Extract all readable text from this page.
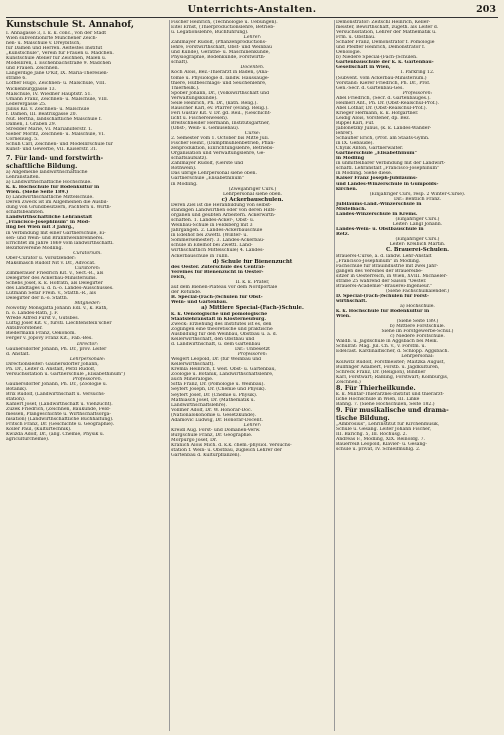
Unterrichts-Anstalten.	203
Kunstschule St. Annahof,
I. Annagasse 3, I. k. k. conc., von der Stadt
Wien subventionirte Münchener Zeich-
nen- u. Malschule v. Dreybitsch,
für Damen und Herren. Aeltestes Institut
„Kunstschule", Verein für Frauen u. Mädchen.
Kunstschule Atelier für Zeichnen, Malen u.
Modelliren, I. Eschenbachstraße 9. Mädchen
und Frauen. Zeichnen.
Langerdige Jane O'Kif, IX. Maria-Theresien-
straße 6.
Löffler Hugo, Zeichnen- u. Malschule, VIII.
Wickenburggasse 13.
Malschule, IV. Wiedner Hauptstr. 51.
Umann Franz, Zeichnen- u. Malschule, VIII.
Lederergasse 25.
Julius Kil. v. Zeichnen- u. Malschule
f. Damen, III. Beatrixgasse 20.
Nut. Bertha, landschaftliche Malschule f.
Damen, I. Graben 29.
Stredder Marie, VI. Mariahilferstr. 1.
Sieber Moritz, Zeichnen- u. Malschule, VI.
Corneliusg. 5.
Schuh Carl, Zeichnen- und Modellirschule für
Kunst- und Gewerbe, VII. Kaiserstr. 31.
7. Für land- und forstwirth-
schaftliche Bildung.
a) Allgemeine landwirthschaftliche
Lehranstalten.
a) Landwirthschaftliche Hochschule.
k. k. Hochschule für Bodenkultur in
Wien. (Siehe Seite 189.)
b) Landwirthschaftliche Mittelschule.
Deren Zweck ist im Allgemeinen die Ausbil-
dung von Grundbesitzern, Pächtern u. Wirth-
schaftsbeamten.
Landwirthschaftliche Lehranstalt
„Francisco-Josephinum" in Möd-
ling bei Wien mit 3 Jahrg.,
in Verbindung mit einer Gärtnerschule, Ei-
sen- und Wein- und Branntweinbrennerei.
Errichtet im Jahre 1869 vom landwirthschaftl.
Bezirksvereine Mödling.
Curatorium.
Ober-Curator u. Vorsitzender:
Maksmasch Rudolf Nit v. Dr., Advocat.
Curatoren:
Zimmerauer Friedrich Kit. v., Sect.-R., als
Delegirter des Ackerbau-Ministeriums.
Schebs Josef, k. k. Hofrath, als Delegirter
des Landtages u. d. n.-ö. Landes-Ausschusses.
Lutmann Sefar Freih. v., Statth.-R., als
Delegirter der n.-ö. Statth.
Mitglieder:
Nowotny Monsgatta Johann Edl. v., k. Rath,
n. ö. Landes-Rath, J. F.
Wrede Alfred Fürst v., Gutsbes.
Luftig Josef Kit. v., fürstl. Liechtenstein'scher
Antsbvorsteher.
Biedermann Franz, Oekonom.
Ferger v. Jopovy Franz Kit., Fab.-Bes.
Director:
Gaunersdorfer Johann, Ph. Dr., prov. Leiter
d. Anstalt.
Lehrpersonale:
Directionsleiter: Gaunersdorfer Johann,
Ph. Dr., Leiter d. Anstalt, Perzl Rudolf,
Versuchsstation u. Gärtnerschule „Elisabethinum")
Professoren.
Gaunersdorfer Johann, Ph. Dr., (Zoologie u.
Botanik).
Brix Rudolf, (Landwirthschaft u. Versuchs-
station).
Kahlert Josef, (Landwirthschaft u. Viehzucht).
Zuzek Friedrich, (Zeichnen, Baukunde, Feld-
messen, Plangeschichte u. Wirthschaftsorga-
nisation) (Landwirthschaftliche Buchhaltung).
Fritsch Franz, Dr. (Geschichte u. Geographie).
Koller Paul, (Kulturtechnik).
Kwizda Adolf, Dr., (allg. Chemie, Physik u.
agriculturchemie).
Fischer Heinrich, (Technologie u. Uebungen).
Eitel Ernst, (Thierproductionslehre, Betrieb-
u. Legationslehre, Buchführung).
Lehrer:
Zahlmayer Rudolf, (Pflanzenproductions-
lehre, Forstwirthschaft, Obst- und Weinbau
und Kunde), Geräthe- u. Maschinenkunde,
Physiographie, Bodenkunde, Forstwirth-
schaft).
Docenten.
Koch Alois, Bez.-Thierarzt in Baden, (Ana-
tomie u. Physiologie d. landw. Haussäuge-
thiere, Hufbeschlags- und Seuchenlehre,
Thierheilk.).
Spöber Johann, Dr., (Volkswirthschaft und
Verwaltungskunde).
Seile Heinrich, Ph. Dr., (kath. Relig.).
Rauscher Karl, ev. Pfarrer (evang. Relig.).
Feri Gustav Kit. v. Dr. gd. Reil., (Geschicht-
licht u. Fischereiwesen).
Breitschneider Hermann, Institutsgärtner,
(Obst-, Wein- u. Gemüsebau).
Curse:
2. Semester vom 1. October bis Mitte Juli.
Fischer Heinr., (Dampfmühlenbetrieb, Pflan-
zenproduktion, Einrichtungslehre, Betriebs-
Organisation und Verwaltungslehre, Ge-
schäftsaufsatz).
Zahlmayer Rudolf, (Gerste und
Rothwein).
Das übrige Lehrpersonal siehe oben.
Gärtnerschule „Elisabethinum"
in Mödling.
(Zweijähriger Curs.)
Lehrpersonal siehe oben.
c) Ackerbauschulen.
Deren Ziel ist die Heranbildung von selbst-
ständigen Landwirthen oder von deren Hilfs-
organen und geübten Arbeitern. Ackerwirth-
schaften. 1. Landes-Acker-, Obst- u.
Weinbau-Schule in Feldsberg mit 3
Jahrgängen. 2. Landes-Ackerbauschule
in Edelhof bei Zwettl. (Winter- u.
Sommersemester). 3. Landes-Ackerbau-
schule in Edelhof bei Zwettl. Land-
wirthschaftlich Mittelschule) 4. Landes-
Ackerbauschule in Tulln.
d) Schule für Bienenzucht
des Oester. Zuterschule des Central-
Vereines für Bienenzucht in Oester-
reich,
II. k. k. Prater,
auf dem Bienen-Plateau vor dem Nordportale
der Rotunde.
B. Special-(Fach-)Schulen für Obst-
Wein- und Gartenbau.
a) Mittlere Special-(Fach-)Schule.
k. k. Oenologische und pomologische
Staatslehranstalt in Klosterneuburg.
Zweck: Erziehung des Institutes ist es, den
Zöglingen eine theoretische und praktische
Ausbildung für den Weinbau, Obstbau u. a. d.
Kellerwirthschaft, den Obstbau und
d. Landwirthschaft, u. dem Gartenbau
Dir.: Unbesetzt
Professoren:
Weigert Leopold, Dr. (für Weinbau und
Kellerwirthschaft).
Kremla Heinrich, f. weit. Obst- u. Gartenbau,
Zoologie u. Botanik, Landwirthschaftslehre,
auch Mineralogie.
Sitta Franz, Dr. (Pomologie u. Weinbau).
Seyfert Joseph, Dr. (Chemie und Physik).
Seyfert Josef, Dr. (Chemie u. Physik).
Mathiasch Josef, Dr. (Mathematik u.
Landwirthschaftslehre).
Vollmer Adolf, Dr. W. Honorar-Doc.
(Nationalökonomie u. Gesetzkunde).
Adamovic Ludwig, Dr. Honorar-Docent.
Lehrer:
Kreidl Aug. Forst- und Domänen-Verw.
Bürgschule Franz, Dr. Geographie.
Morpurgo Josef, Dr.
Kranich Alois Mich. d. k.k. chem.-physiol. Versuchs-
station f. Wein- u. Obstbau, zugleich Lehrer der
Gartenbau d. Kulturpflanzen).
Demonstrator: Zeitschl Heinrich, Keller-
meister, Bewirthschaft, zugeth. als Leiter d.
Versuchsstation, Lehrer der Mathematik u.
Frm. u. Obstbau.
Schäfer Franz, Demonstrator f. Pomologie
und Pfeiffer Heinrich, Demonstrator f.
Oenologie.
b) Niedere Special-(Fach-)Schulen.
Gartenbauschule der k. k. Gartenbau-
Gesellschaft in Wien,
I. Parkring 12.
(Subvent. vom Ackerbau-Ministerium.)
Vorstand: Kierer Friedrich, Ph. Dr., Prof.
Gen.-Secr. d. Gartenbau-Ges.
Professoren:
Abel Friedrich, (Secr. d. Gartenbauges.).
Heimerl Ant., Ph. Dr. (Obst-Realschul-Prof.).
Abel Lothar, Dr. (Obst-Realschul-Prof.).
Krieger Hermann, k. k. Hofgartner.
Leidig Alois, Vorsteher, dp. Bez.
Rippel Karl, Fuf.
Jablonetzky Julius, (k. k. Landes-Wander-
lehrer).
Schaufler Erich, (Prof. am Staats-Gymn.
in IX. Gebäude).
Chylik Anton, Gärtnerwalter.
Gärtnerschule „Elisabethinum"
in Mödling
in unmittelbarer Verbindung mit der Landwirt-
schaftl. Lehranstalt „Francisco-Josephinum"
in Mödling. Siehe diese.
Kaiser Franz Joseph-Jubiläums-
und Landes-Winzerschule in Gumpolds-
kirchen.
(Einjähriger Curs, resp. 2 Winter-Curse).
Dir.: Bentlich Franz.
Jubiläums-Land.-Winzerschule in
Mistelbach.
Landes-Winzerschule in Krems.
(Einjähriger Curs.)
Leiter: Langl Johann.
Landes-Wein- u. Obstbauschule in
Retz.
(Einjähriger Curs.)
Leiter: Kreibich Martin.
C. Brauerei-Schulen.
Brauerei-Curse, a. d. landw. Lehr-Anstalt
„Francisco-Josephinum" in Mödling.
Fachschule für Brauindustrie mit zwei Jahr-
gängen des Vereines der Brauereibe-
sitzer in Oesterreich, in Wien, XVIII. Michaeler-
straße 25 während der Saison "Oester.
Brauerei-Academie"-Brauerei-Ingenieur."
(Siehe Fachschulkalender.)
D. Special-(Fach-)Schulen für Forst-
wirthschaft.
a) Hochschule.
k. k. Hochschule für Bodenkultur in
Wien.
(Siehe Seite 189.)
b) Mittlere Forstschule.
Siehe im Forstgewerbe-Schul.)
c) Niedere Forstschule.
Waldb. u. Jagdschule in Aggsbach bei Melk.
Schulrat: Mag. Jul. Ch. v., v. Forstm. u.
Edelcast. Kardinalfischer, d. Schlopp. Aggsbach.
Lehrpersonal:
Kollwitz Rudolf, Forstmeister; Maitzka August,
Bullfinger Adalbert, Forstb. u. Jagdkulturen,
Schreck Franz, Dr. (Religion), Bindner
Karl, Forstwart; Raßling, Forstwart; Kölnburgis,
Zeichnen.)
8. Für Thierheilkunde.
k. k. Militär-Thierarznei-Institut und thierärzt-
liche Hochschule in Wien, III. Linke
Bahng. 7. (Siehe Hochschulen, Seite 182.)
9. Für musikalische und drama-
tische Bildung.
„Ambrosius", Lehrinstitut für Kirchenmusik,
Schule u. Gesang. Leiter Johann Fischer,
III. Barichg. 5, III. Rochusg. 2.
Andreas F., Mödling, XIX. Reinoldg. 7.
Bauerreiß Leopold, Klavier- u. Gesang-
schule u. privat, IV. Schleifmühlg. 2.
